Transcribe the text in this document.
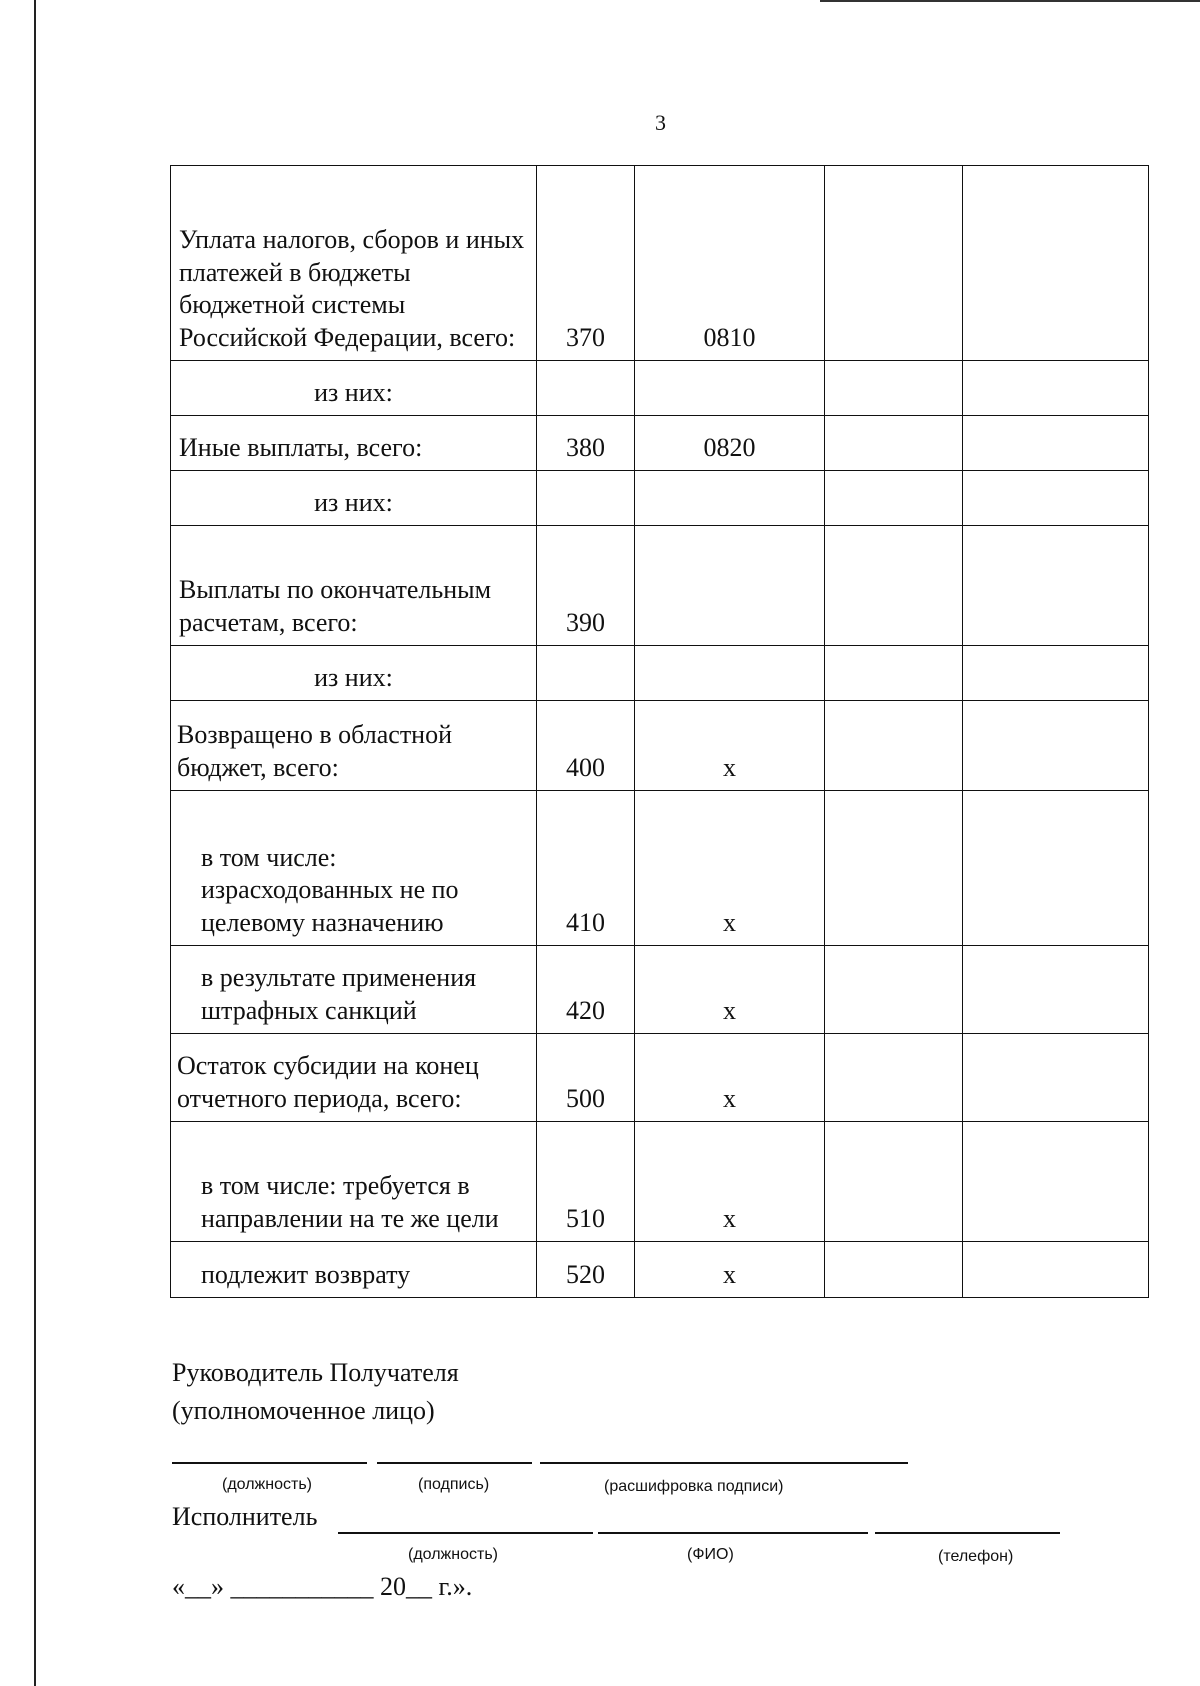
3
Уплата налогов, сборов и иных платежей в бюджеты бюджетной системы Российской Федерации, всего:	370	0810		
из них:				
Иные выплаты, всего:	380	0820		
из них:				
Выплаты по окончательным расчетам, всего:	390			
из них:				
Возвращено в областной бюджет, всего:	400	х		
в том числе: израсходованных не по целевому назначению	410	х		
в результате применения штрафных санкций	420	х		
Остаток субсидии на конец отчетного периода, всего:	500	х		
в том числе: требуется в направлении на те же цели	510	х		
подлежит возврату	520	х		
Руководитель Получателя
(уполномоченное лицо)
(должность)	(подпись)	(расшифровка подписи)
Исполнитель
(должность)	(ФИО)	(телефон)
«__» ___________ 20__ г.».
